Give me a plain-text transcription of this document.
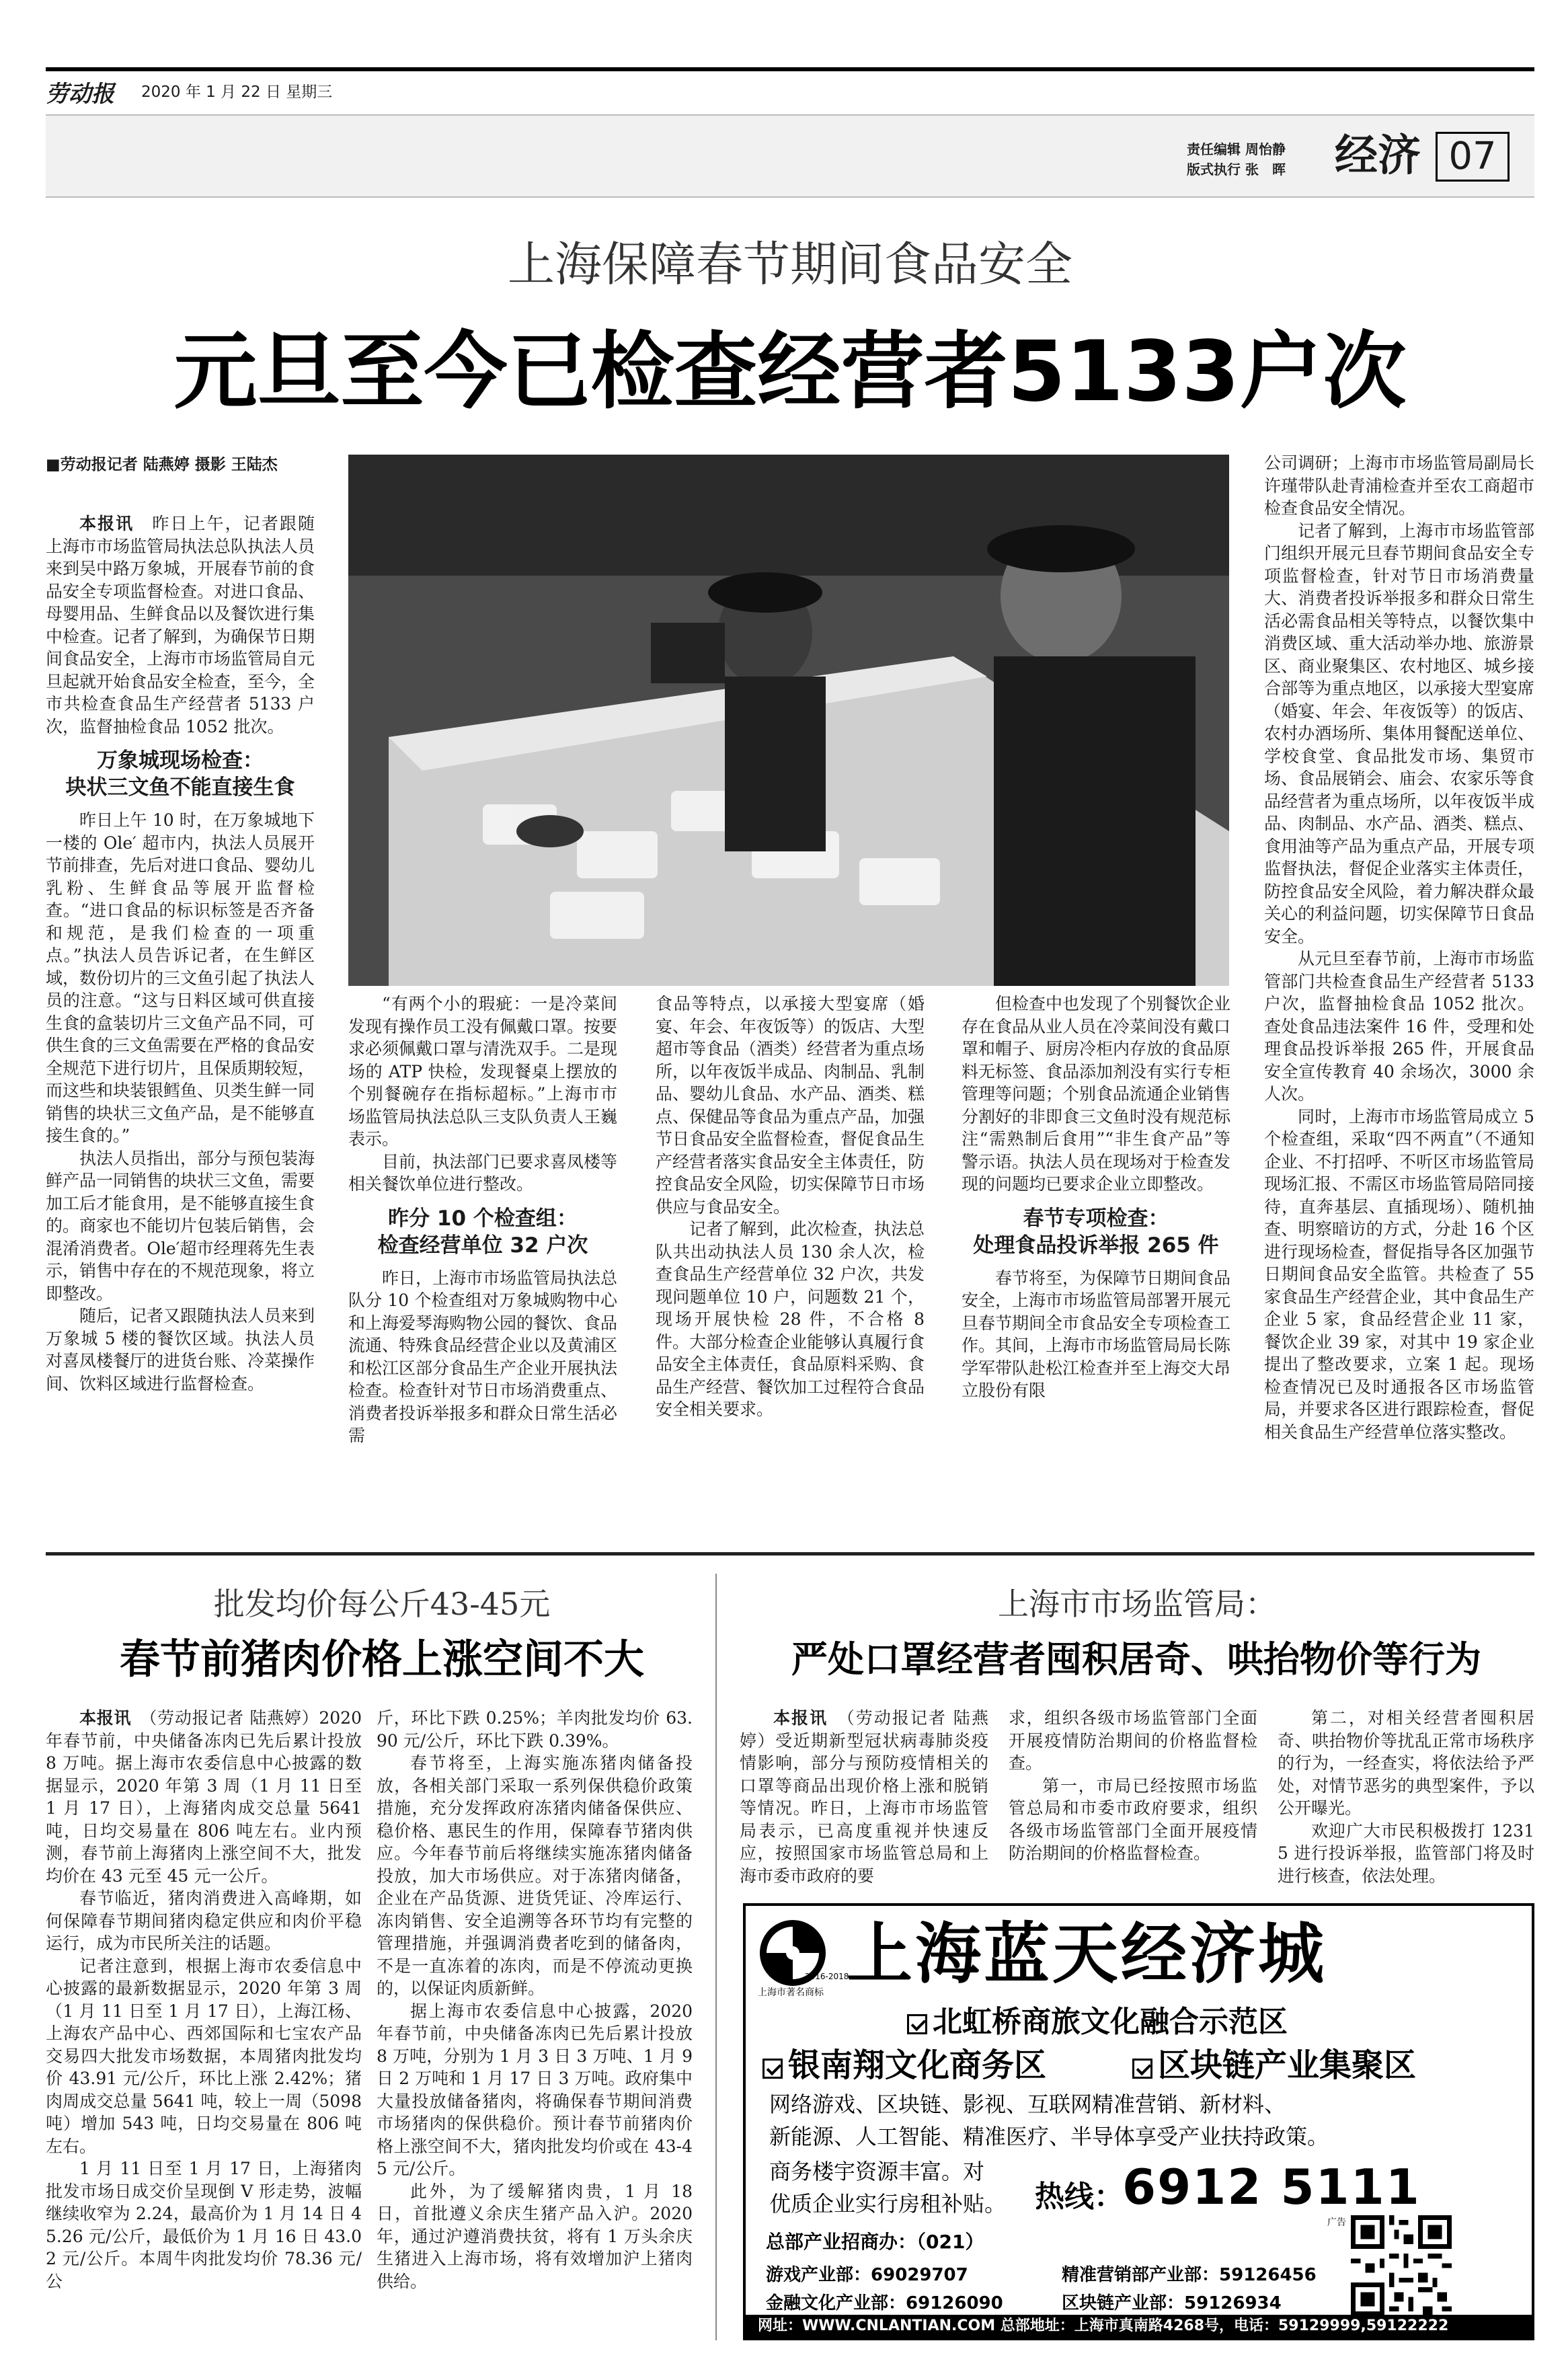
劳动报 2020 年 1 月 22 日 星期三
责任编辑 周怡静
版式执行 张　晖 经济 07
上海保障春节期间食品安全
元旦至今已检查经营者5133户次
■劳动报记者 陆燕婷 摄影 王陆杰

本报讯　 昨日上午，记者跟随上海市市场监管局执法总队执法人员来到吴中路万象城，开展春节前的食品安全专项监督检查。对进口食品、母婴用品、生鲜食品以及餐饮进行集中检查。记者了解到，为确保节日期间食品安全，上海市市场监管局自元旦起就开始食品安全检查，至今，全市共检查食品生产经营者 5133 户次，监督抽检食品 1052 批次。

万象城现场检查：
块状三文鱼不能直接生食

昨日上午 10 时，在万象城地下一楼的 Ole′ 超市内，执法人员展开节前排查，先后对进口食品、婴幼儿乳粉、生鲜食品等展开监督检查。“进口食品的标识标签是否齐备和规范，是我们检查的一项重点。”执法人员告诉记者，在生鲜区域，数份切片的三文鱼引起了执法人员的注意。“这与日料区域可供直接生食的盒装切片三文鱼产品不同，可供生食的三文鱼需要在严格的食品安全规范下进行切片，且保质期较短，而这些和块装银鳕鱼、贝类生鲜一同销售的块状三文鱼产品，是不能够直接生食的。”

执法人员指出，部分与预包装海鲜产品一同销售的块状三文鱼，需要加工后才能食用，是不能够直接生食的。商家也不能切片包装后销售，会混淆消费者。Ole′超市经理蒋先生表示，销售中存在的不规范现象，将立即整改。

随后，记者又跟随执法人员来到万象城 5 楼的餐饮区域。执法人员对喜凤楼餐厅的进货台账、冷菜操作间、饮料区域进行监督检查。

“有两个小的瑕疵：一是冷菜间发现有操作员工没有佩戴口罩。按要求必须佩戴口罩与清洗双手。二是现场的 ATP 快检，发现餐桌上摆放的个别餐碗存在指标超标。”上海市市场监管局执法总队三支队负责人王巍表示。

目前，执法部门已要求喜凤楼等相关餐饮单位进行整改。

昨分 10 个检查组：
检查经营单位 32 户次

昨日，上海市市场监管局执法总队分 10 个检查组对万象城购物中心和上海爱琴海购物公园的餐饮、食品流通、特殊食品经营企业以及黄浦区和松江区部分食品生产企业开展执法检查。检查针对节日市场消费重点、消费者投诉举报多和群众日常生活必需

食品等特点，以承接大型宴席（婚宴、年会、年夜饭等）的饭店、大型超市等食品（酒类）经营者为重点场所，以年夜饭半成品、肉制品、乳制品、婴幼儿食品、水产品、酒类、糕点、保健品等食品为重点产品，加强节日食品安全监督检查，督促食品生产经营者落实食品安全主体责任，防控食品安全风险，切实保障节日市场供应与食品安全。

记者了解到，此次检查，执法总队共出动执法人员 130 余人次，检查食品生产经营单位 32 户次，共发现问题单位 10 户，问题数 21 个，现场开展快检 28 件，不合格 8 件。大部分检查企业能够认真履行食品安全主体责任，食品原料采购、食品生产经营、餐饮加工过程符合食品安全相关要求。

但检查中也发现了个别餐饮企业存在食品从业人员在冷菜间没有戴口罩和帽子、厨房冷柜内存放的食品原料无标签、食品添加剂没有实行专柜管理等问题；个别食品流通企业销售分割好的非即食三文鱼时没有规范标注“需熟制后食用”“非生食产品”等警示语。执法人员在现场对于检查发现的问题均已要求企业立即整改。

春节专项检查：
处理食品投诉举报 265 件

春节将至，为保障节日期间食品安全，上海市市场监管局部署开展元旦春节期间全市食品安全专项检查工作。其间，上海市市场监管局局长陈学军带队赴松江检查并至上海交大昂立股份有限

公司调研；上海市市场监管局副局长许瑾带队赴青浦检查并至农工商超市检查食品安全情况。

记者了解到，上海市市场监管部门组织开展元旦春节期间食品安全专项监督检查，针对节日市场消费量大、消费者投诉举报多和群众日常生活必需食品相关等特点，以餐饮集中消费区域、重大活动举办地、旅游景区、商业聚集区、农村地区、城乡接合部等为重点地区，以承接大型宴席（婚宴、年会、年夜饭等）的饭店、农村办酒场所、集体用餐配送单位、学校食堂、食品批发市场、集贸市场、食品展销会、庙会、农家乐等食品经营者为重点场所，以年夜饭半成品、肉制品、水产品、酒类、糕点、食用油等产品为重点产品，开展专项监督执法，督促企业落实主体责任，防控食品安全风险，着力解决群众最关心的利益问题，切实保障节日食品安全。

从元旦至春节前，上海市市场监管部门共检查食品生产经营者 5133 户次，监督抽检食品 1052 批次。查处食品违法案件 16 件，受理和处理食品投诉举报 265 件，开展食品安全宣传教育 40 余场次，3000 余人次。

同时，上海市市场监管局成立 5 个检查组，采取“四不两直”（不通知企业、不打招呼、不听区市场监管局现场汇报、不需区市场监管局陪同接待，直奔基层、直插现场）、随机抽查、明察暗访的方式，分赴 16 个区进行现场检查，督促指导各区加强节日期间食品安全监管。共检查了 55 家食品生产经营企业，其中食品生产企业 5 家，食品经营企业 11 家，餐饮企业 39 家，对其中 19 家企业提出了整改要求，立案 1 起。现场检查情况已及时通报各区市场监管局，并要求各区进行跟踪检查，督促相关食品生产经营单位落实整改。

批发均价每公斤43-45元
春节前猪肉价格上涨空间不大

本报讯　 （劳动报记者 陆燕婷）2020 年春节前，中央储备冻肉已先后累计投放 8 万吨。据上海市农委信息中心披露的数据显示，2020 年第 3 周（1 月 11 日至 1 月 17 日），上海猪肉成交总量 5641 吨，日均交易量在 806 吨左右。业内预测，春节前上海猪肉上涨空间不大，批发均价在 43 元至 45 元一公斤。

春节临近，猪肉消费进入高峰期，如何保障春节期间猪肉稳定供应和肉价平稳运行，成为市民所关注的话题。

记者注意到，根据上海市农委信息中心披露的最新数据显示，2020 年第 3 周（1 月 11 日至 1 月 17 日），上海江杨、上海农产品中心、西郊国际和七宝农产品交易四大批发市场数据，本周猪肉批发均价 43.91 元/公斤，环比上涨 2.42%；猪肉周成交总量 5641 吨，较上一周（5098 吨）增加 543 吨，日均交易量在 806 吨左右。

1 月 11 日至 1 月 17 日，上海猪肉批发市场日成交价呈现倒 V 形走势，波幅继续收窄为 2.24，最高价为 1 月 14 日 45.26 元/公斤，最低价为 1 月 16 日 43.02 元/公斤。本周牛肉批发均价 78.36 元/公

斤，环比下跌 0.25%；羊肉批发均价 63.90 元/公斤，环比下跌 0.39%。

春节将至，上海实施冻猪肉储备投放，各相关部门采取一系列保供稳价政策措施，充分发挥政府冻猪肉储备保供应、稳价格、惠民生的作用，保障春节猪肉供应。今年春节前后将继续实施冻猪肉储备投放，加大市场供应。对于冻猪肉储备，企业在产品货源、进货凭证、冷库运行、冻肉销售、安全追溯等各环节均有完整的管理措施，并强调消费者吃到的储备肉，不是一直冻着的冻肉，而是不停流动更换的，以保证肉质新鲜。

据上海市农委信息中心披露，2020 年春节前，中央储备冻肉已先后累计投放 8 万吨，分别为 1 月 3 日 3 万吨、1 月 9 日 2 万吨和 1 月 17 日 3 万吨。政府集中大量投放储备猪肉，将确保春节期间消费市场猪肉的保供稳价。预计春节前猪肉价格上涨空间不大，猪肉批发均价或在 43-45 元/公斤。

此外，为了缓解猪肉贵，1 月 18 日，首批遵义余庆生猪产品入沪。2020 年，通过沪遵消费扶贫，将有 1 万头余庆生猪进入上海市场，将有效增加沪上猪肉供给。

上海市市场监管局：
严处口罩经营者囤积居奇、哄抬物价等行为

本报讯　 （劳动报记者 陆燕婷）受近期新型冠状病毒肺炎疫情影响，部分与预防疫情相关的口罩等商品出现价格上涨和脱销等情况。昨日，上海市市场监管局表示，已高度重视并快速反应，按照国家市场监管总局和上海市委市政府的要

求，组织各级市场监管部门全面开展疫情防治期间的价格监督检查。

第一，市局已经按照市场监管总局和市委市政府要求，组织各级市场监管部门全面开展疫情防治期间的价格监督检查。

第二，对相关经营者囤积居奇、哄抬物价等扰乱正常市场秩序的行为，一经查实，将依法给予严处，对情节恶劣的典型案件，予以公开曝光。

欢迎广大市民积极拨打 12315 进行投诉举报，监管部门将及时进行核查，依法处理。

2016-2018
上海市著名商标 上海蓝天经济城
北虹桥商旅文化融合示范区
银南翔文化商务区	区块链产业集聚区
网络游戏、区块链、影视、互联网精准营销、新材料、
新能源、人工智能、精准医疗、半导体享受产业扶持政策。
商务楼宇资源丰富。对
优质企业实行房租补贴。 热线：
6912 5111
总部产业招商办：（021）
游戏产业部：69029707	精准营销部产业部：59126456
金融文化产业部：69126090	区块链产业部：59126934
广告
网址：WWW.CNLANTIAN.COM 总部地址：上海市真南路4268号，电话：59129999,59122222
